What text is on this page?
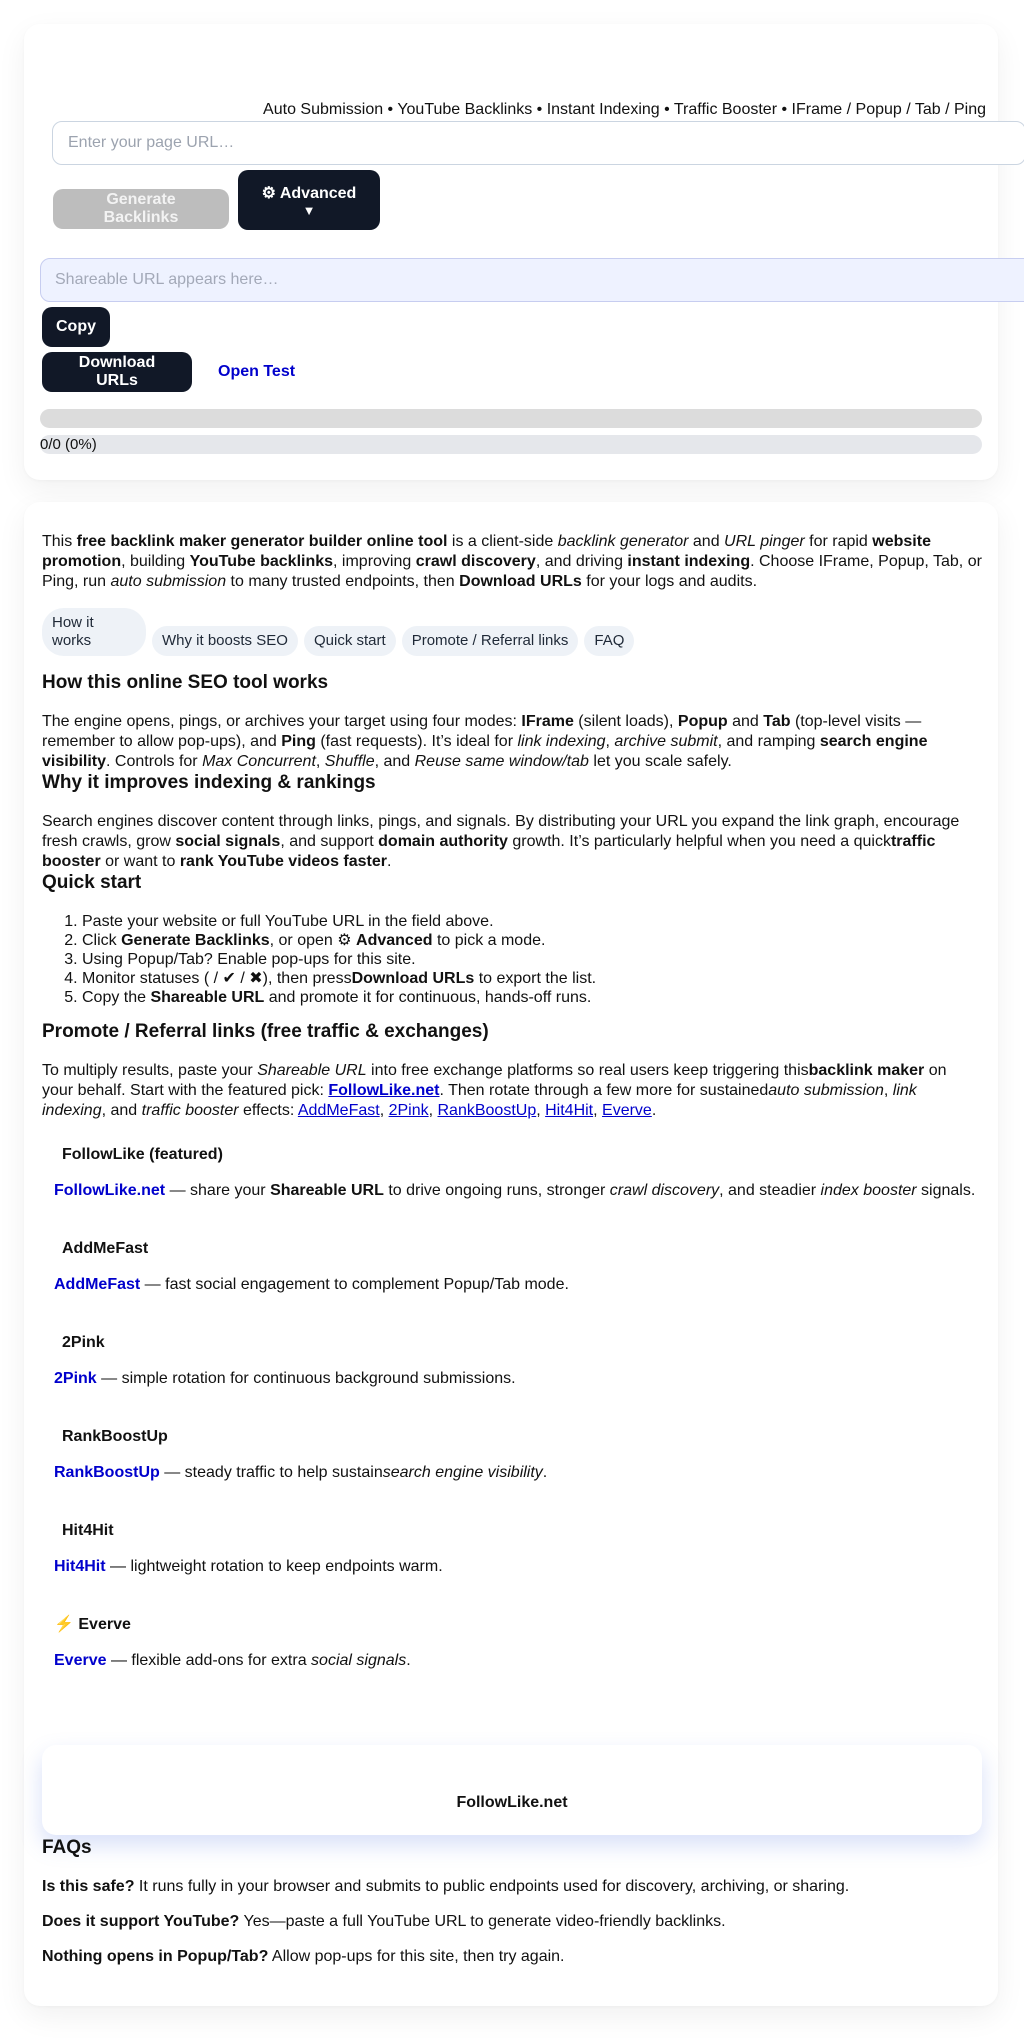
Auto Submission • YouTube Backlinks • Instant Indexing • Traffic Booster • IFrame / Popup / Tab / Ping
Enter your page URL…
Generate Backlinks
⚙ Advanced
▼
Shareable URL appears here…
Copy
Download URLs
Open Test
0/0 (0%)

This free backlink maker generator builder online tool is a client-side backlink generator and URL pinger for rapid website promotion, building YouTube backlinks, improving crawl discovery, and driving instant indexing. Choose IFrame, Popup, Tab, or Ping, run auto submission to many trusted endpoints, then Download URLs for your logs and audits.

How it works	Why it boosts SEO	Quick start	Promote / Referral links	FAQ
How this online SEO tool works

The engine opens, pings, or archives your target using four modes: IFrame (silent loads), Popup and Tab (top-level visits — remember to allow pop-ups), and Ping (fast requests). It’s ideal for link indexing, archive submit, and ramping search engine visibility. Controls for Max Concurrent, Shuffle, and Reuse same window/tab let you scale safely.

Why it improves indexing & rankings

Search engines discover content through links, pings, and signals. By distributing your URL you expand the link graph, encourage fresh crawls, grow social signals, and support domain authority growth. It’s particularly helpful when you need a quicktraffic booster or want to rank YouTube videos faster.

Quick start
1. Paste your website or full YouTube URL in the field above.
2. Click Generate Backlinks, or open ⚙ Advanced to pick a mode.
3. Using Popup/Tab? Enable pop-ups for this site.
4. Monitor statuses ( / ✔ / ✖), then pressDownload URLs to export the list.
5. Copy the Shareable URL and promote it for continuous, hands-off runs.
Promote / Referral links (free traffic & exchanges)

To multiply results, paste your Shareable URL into free exchange platforms so real users keep triggering thisbacklink maker on your behalf. Start with the featured pick: FollowLike.net. Then rotate through a few more for sustainedauto submission, link indexing, and traffic booster effects: AddMeFast, 2Pink, RankBoostUp, Hit4Hit, Everve.

FollowLike (featured)

FollowLike.net — share your Shareable URL to drive ongoing runs, stronger crawl discovery, and steadier index booster signals.

AddMeFast

AddMeFast — fast social engagement to complement Popup/Tab mode.

2Pink

2Pink — simple rotation for continuous background submissions.

RankBoostUp

RankBoostUp — steady traffic to help sustainsearch engine visibility.

Hit4Hit

Hit4Hit — lightweight rotation to keep endpoints warm.

⚡ Everve

Everve — flexible add-ons for extra social signals.

FollowLike.net
FAQs

Is this safe? It runs fully in your browser and submits to public endpoints used for discovery, archiving, or sharing.

Does it support YouTube? Yes—paste a full YouTube URL to generate video-friendly backlinks.

Nothing opens in Popup/Tab? Allow pop-ups for this site, then try again.
